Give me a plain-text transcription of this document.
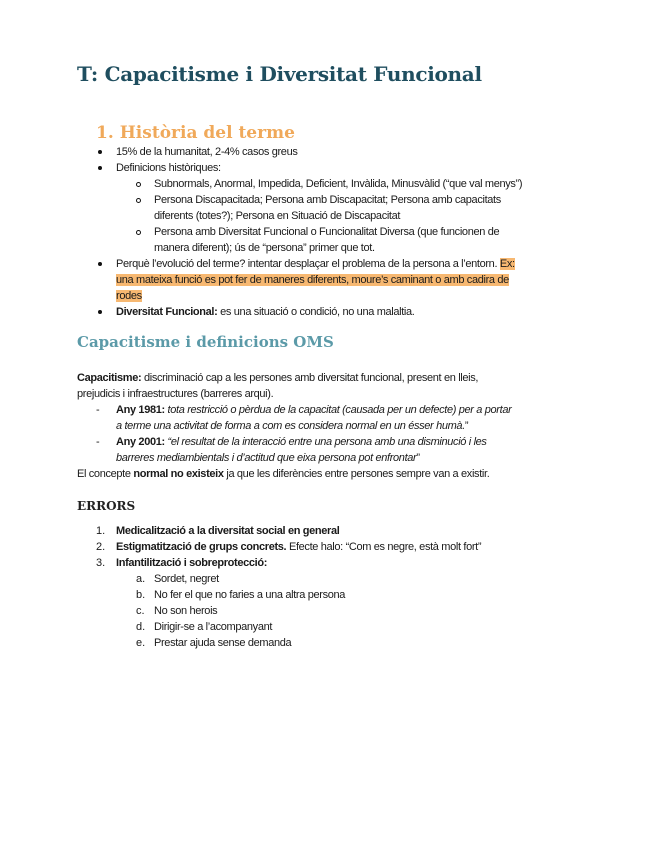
T: Capacitisme i Diversitat Funcional
1. Història del terme
15% de la humanitat, 2-4% casos greus
Definicions històriques:
Subnormals, Anormal, Impedida, Deficient, Invàlida, Minusvàlid (“que val menys”)
Persona Discapacitada; Persona amb Discapacitat; Persona amb capacitats
diferents (totes?); Persona en Situació de Discapacitat
Persona amb Diversitat Funcional o Funcionalitat Diversa (que funcionen de
manera diferent); ús de “persona” primer que tot.
Perquè l’evolució del terme? intentar desplaçar el problema de la persona a l’entorn. Ex:
una mateixa funció es pot fer de maneres diferents, moure’s caminant o amb cadira de
rodes
Diversitat Funcional: es una situació o condició, no una malaltia.
Capacitisme i definicions OMS
Capacitisme: discriminació cap a les persones amb diversitat funcional, present en lleis,
prejudicis i infraestructures (barreres arqui).
- Any 1981: tota restricció o pèrdua de la capacitat (causada per un defecte) per a portar
a terme una activitat de forma a com es considera normal en un ésser humà.”
- Any 2001: “el resultat de la interacció entre una persona amb una disminució i les
barreres mediambientals i d’actitud que eixa persona pot enfrontar”
El concepte normal no existeix ja que les diferències entre persones sempre van a existir.
ERRORS
1. Medicalització a la diversitat social en general
2. Estigmatització de grups concrets. Efecte halo: “Com es negre, està molt fort”
3. Infantilització i sobreprotecció:
a. Sordet, negret
b. No fer el que no faries a una altra persona
c. No son herois
d. Dirigir-se a l’acompanyant
e. Prestar ajuda sense demanda
